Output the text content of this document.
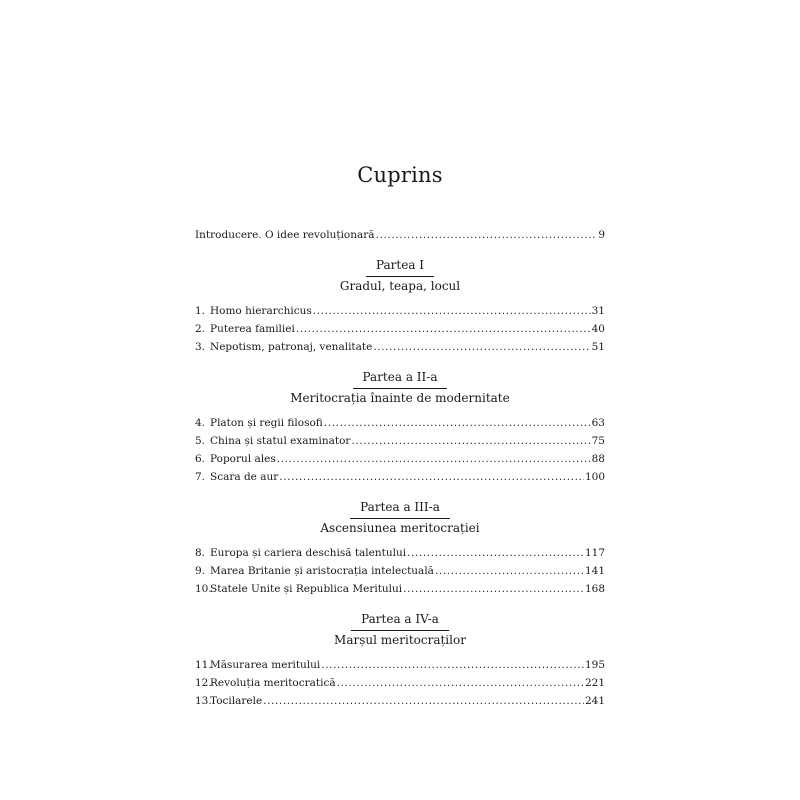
Cuprins
Introducere. O idee revoluționară .....	9
Partea I
Gradul, teapa, locul
1. Homo hierarchicus .....	31
2. Puterea familiei .....	40
3. Nepotism, patronaj, venalitate .....	51
Partea a II-a
Meritocrația înainte de modernitate
4. Platon și regii filosofi .....	63
5. China și statul examinator .....	75
6. Poporul ales .....	88
7. Scara de aur .....	100
Partea a III-a
Ascensiunea meritocrației
8. Europa și cariera deschisă talentului .....	117
9. Marea Britanie și aristocrația intelectuală .....	141
10.Statele Unite și Republica Meritului .....	168
Partea a IV-a
Marșul meritocraților
11.Măsurarea meritului .....	195
12.Revoluția meritocratică .....	221
13.Tocilarele .....	241
